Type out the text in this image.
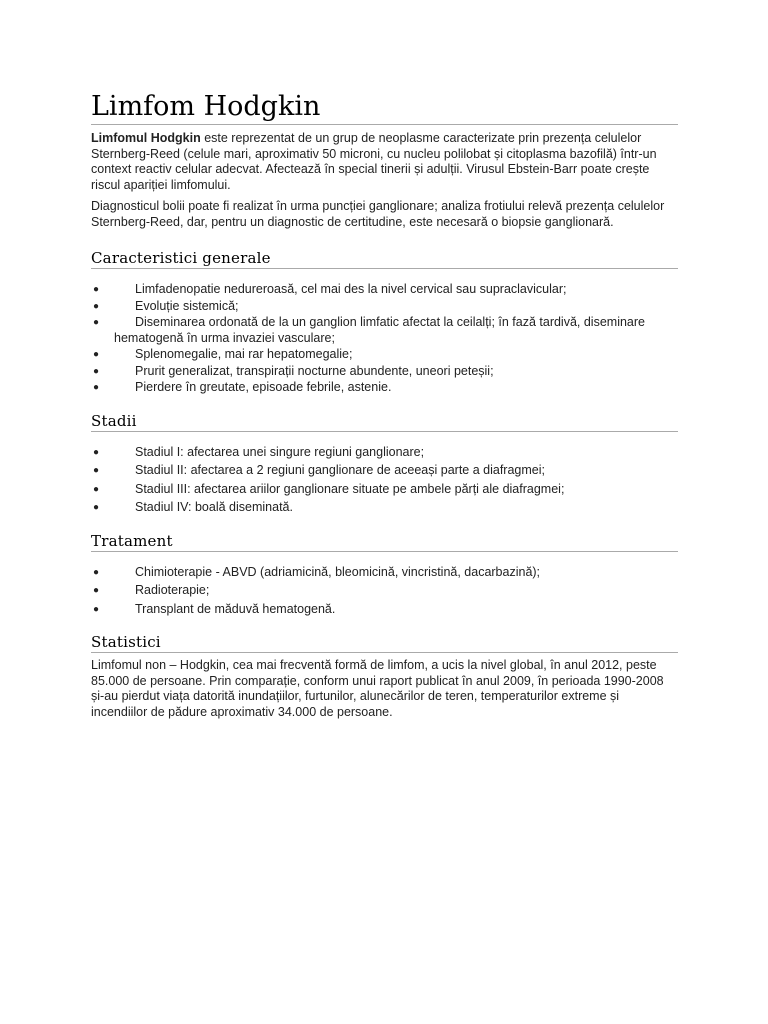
Limfom Hodgkin

Limfomul Hodgkin este reprezentat de un grup de neoplasme caracterizate prin prezența celulelor Sternberg-Reed (celule mari, aproximativ 50 microni, cu nucleu polilobat și citoplasma bazofilă) într-un context reactiv celular adecvat. Afectează în special tinerii și adulții. Virusul Ebstein-Barr poate crește riscul apariției limfomului.

Diagnosticul bolii poate fi realizat în urma puncției ganglionare; analiza frotiului relevă prezența celulelor Sternberg-Reed, dar, pentru un diagnostic de certitudine, este necesară o biopsie ganglionară.

Caracteristici generale
●	Limfadenopatie nedureroasă, cel mai des la nivel cervical sau supraclavicular;
●	Evoluție sistemică;
●	Diseminarea ordonată de la un ganglion limfatic afectat la ceilalți; în fază tardivă, diseminare hematogenă în urma invaziei vasculare;
●	Splenomegalie, mai rar hepatomegalie;
●	Prurit generalizat, transpirații nocturne abundente, uneori peteșii;
●	Pierdere în greutate, episoade febrile, astenie.
Stadii
●	Stadiul I: afectarea unei singure regiuni ganglionare;
●	Stadiul II: afectarea a 2 regiuni ganglionare de aceeași parte a diafragmei;
●	Stadiul III: afectarea ariilor ganglionare situate pe ambele părți ale diafragmei;
●	Stadiul IV: boală diseminată.
Tratament
●	Chimioterapie - ABVD (adriamicină, bleomicină, vincristină, dacarbazină);
●	Radioterapie;
●	Transplant de măduvă hematogenă.
Statistici

Limfomul non – Hodgkin, cea mai frecventă formă de limfom, a ucis la nivel global, în anul 2012, peste 85.000 de persoane. Prin comparație, conform unui raport publicat în anul 2009, în perioada 1990-2008 și-au pierdut viața datorită inundațiilor, furtunilor, alunecărilor de teren, temperaturilor extreme și incendiilor de pădure aproximativ 34.000 de persoane.
